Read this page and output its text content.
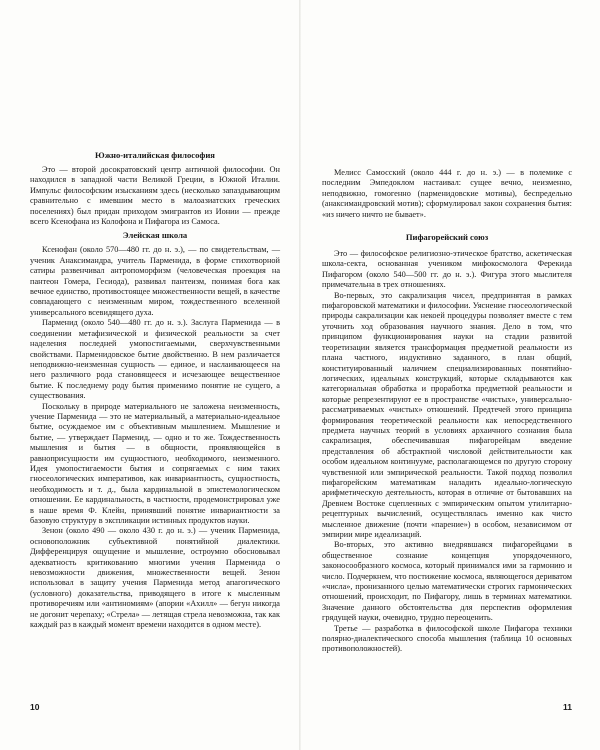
Южно-италийская философия

Это — второй досократовский центр античной философии. Он находился в западной части Великой Греции, в Южной Италии. Импульс философским изысканиям здесь (несколько запаздывающим сравнительно с имевшим место в малоазиатских греческих поселениях) был придан приходом эмигрантов из Ионии — прежде всего Ксенофана из Колофона и Пифагора из Самоса.

Элейская школа

Ксенофан (около 570—480 гг. до н. э.), — по свидетельствам, — ученик Анаксимандра, учитель Парменида, в форме стихотворной сатиры развенчивал антропоморфизм (человеческая проекция на пантеон Гомера, Гесиода), развивал пантеизм, понимая бога как вечное единство, противостоящее множественности вещей, в качестве совпадающего с неизменным миром, тождественного вселенной универсального всевидящего духа.

Парменид (около 540—480 гг. до н. э.). Заслуга Парменида — в соединении метафизической и физической реальности за счет наделения последней умопостигаемыми, сверхчувственными свойствами. Парменидовское бытие двойственно. В нем различается неподвижно-неизменная сущность — единое, и наслаивающееся на него различного рода становящееся и исчезающее вещественное бытие. К последнему роду бытия применимо понятие не сущего, а существования.

Поскольку в природе материального не заложена неизменность, учение Парменида — это не материальный, а материально-идеальное бытие, осуждаемое им с объективным мышлением. Мышление и бытие, — утверждает Парменид, — одно и то же. Тождественность мышления и бытия — в общности, проявляющейся в равноприсущности им сущностного, необходимого, неизменного. Идея умопостигаемости бытия и сопрягаемых с ним таких гносеологических императивов, как инвариантность, сущностность, необходимость и т. д., была кардинальной в эпистемологическом отношении. Ее кардинальность, в частности, продемонстрировал уже в наше время Ф. Клейн, принявший понятие инвариантности за базовую структуру в экспликации истинных продуктов науки.

Зенон (около 490 — около 430 г. до н. э.) — ученик Парменида, основоположник субъективной понятийной диалектики. Дифференцируя ощущение и мышление, остроумно обосновывал адекватность критикованию многими учения Парменида о невозможности движения, множественности вещей. Зенон использовал в защиту учения Парменида метод апагогического (условного) доказательства, приводящего в итоге к мысленным противоречиям или «антиномиям» (апории «Ахилл» — бегун никогда не догонит черепаху; «Стрела» — летящая стрела невозможна, так как каждый раз в каждый момент времени находится в одном месте).

10

Мелисс Самосский (около 444 г. до н. э.) — в полемике с последним Эмпедоклом настаивал: сущее вечно, неизменно, неподвижно, гомогенно (парменидовские мотивы), беспредельно (анаксимандровский мотив); сформулировал закон сохранения бытия: «из ничего ничто не бывает».

Пифагорейский союз

Это — философское религиозно-этическое братство, аскетическая школа-секта, основанная учеником мифокосмолога Ферекида Пифагором (около 540—500 гг. до н. э.). Фигура этого мыслителя примечательна в трех отношениях.

Во-первых, это сакрализация чисел, предпринятая в рамках пифагоровской математики и философии. Уяснение гносеологической природы сакрализации как некоей процедуры позволяет вместе с тем уточнить ход образования научного знания. Дело в том, что принципом функционирования науки на стадии развитой теоретизации является трансформация предметной реальности из плана частного, индуктивно заданного, в план общий, конституированный наличием специализированных понятийно-логических, идеальных конструкций, которые складываются как категориальная обработка и проработка предметной реальности и которые репрезентируют ее в пространстве «чистых», универсально-рассматриваемых «чистых» отношений. Предтечей этого принципа формирования теоретической реальности как непосредственного предмета научных теорий в условиях архаичного сознания была сакрализация, обеспечивавшая пифагорейцам введение представления об абстрактной числовой действительности как особом идеальном континууме, располагающемся по другую сторону чувственной или эмпирической реальности. Такой подход позволил пифагорейским математикам наладить идеально-логическую арифметическую деятельность, которая в отличие от бытовавших на Древнем Востоке сцепленных с эмпирическим опытом утилитарно-рецептурных вычислений, осуществлялась именно как чисто мысленное движение (почти «парение») в особом, независимом от эмпирии мире идеализаций.

Во-вторых, это активно внедрявшаяся пифагорейцами в общественное сознание концепция упорядоченного, законосообразного космоса, который принимался ими за гармонию и число. Подчеркнем, что постижение космоса, являющегося дериватом «числа», пронизанного целью математически строгих гармонических отношений, происходит, по Пифагору, лишь в терминах математики. Значение данного обстоятельства для перспектив оформления грядущей науки, очевидно, трудно переоценить.

Третье — разработка в философской школе Пифагора техники полярно-диалектического способа мышления (таблица 10 основных противоположностей).

11
